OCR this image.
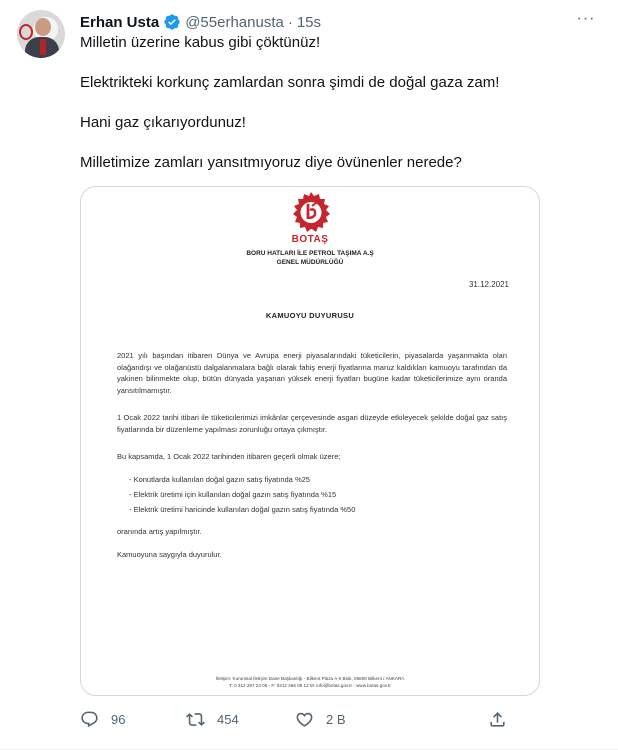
Erhan Usta @55erhanusta · 15s	···

Milletin üzerine kabus gibi çöktünüz!

Elektrikteki korkunç zamlardan sonra şimdi de doğal gaza zam!

Hani gaz çıkarıyordunuz!

Milletimize zamları yansıtmıyoruz diye övünenler nerede?

BOTAŞ
BORU HATLARI İLE PETROL TAŞIMA A.Ş
GENEL MÜDÜRLÜĞÜ
31.12.2021
KAMUOYU DUYURUSU
2021 yılı başından itibaren Dünya ve Avrupa enerji piyasalarındaki tüketicilerin, piyasalarda yaşanmakta olan olağandışı ve olağanüstü dalgalanmalara bağlı olarak fahiş enerji fiyatlarına maruz kaldıkları kamuoyu tarafından da yakinen bilinmekte olup, bütün dünyada yaşanan yüksek enerji fiyatları bugüne kadar tüketicilerimize aynı oranda yansıtılmamıştır.
1 Ocak 2022 tarihi itibari ile tüketicilerimizi imkânlar çerçevesinde asgari düzeyde etkileyecek şekilde doğal gaz satış fiyatlarında bir düzenleme yapılması zorunluğu ortaya çıkmıştır.
Bu kapsamda, 1 Ocak 2022 tarihinden itibaren geçerli olmak üzere;
- Konutlarda kullanılan doğal gazın satış fiyatında %25
- Elektrik üretimi için kullanılan doğal gazın satış fiyatında %15
- Elektrik üretimi haricinde kullanılan doğal gazın satış fiyatında %50
oranında artış yapılmıştır.
Kamuoyuna saygıyla duyurulur.
İletişim: Kurumsal İletişim Daire Başkanlığı - Bilkent Plaza A-II Blok, 06800 Bilkent / ANKARA
T: 0 312 297 23 05 - F: 0312 266 08 12 M: info@botas.gov.tr - www.botas.gov.tr
96	454	2 B
